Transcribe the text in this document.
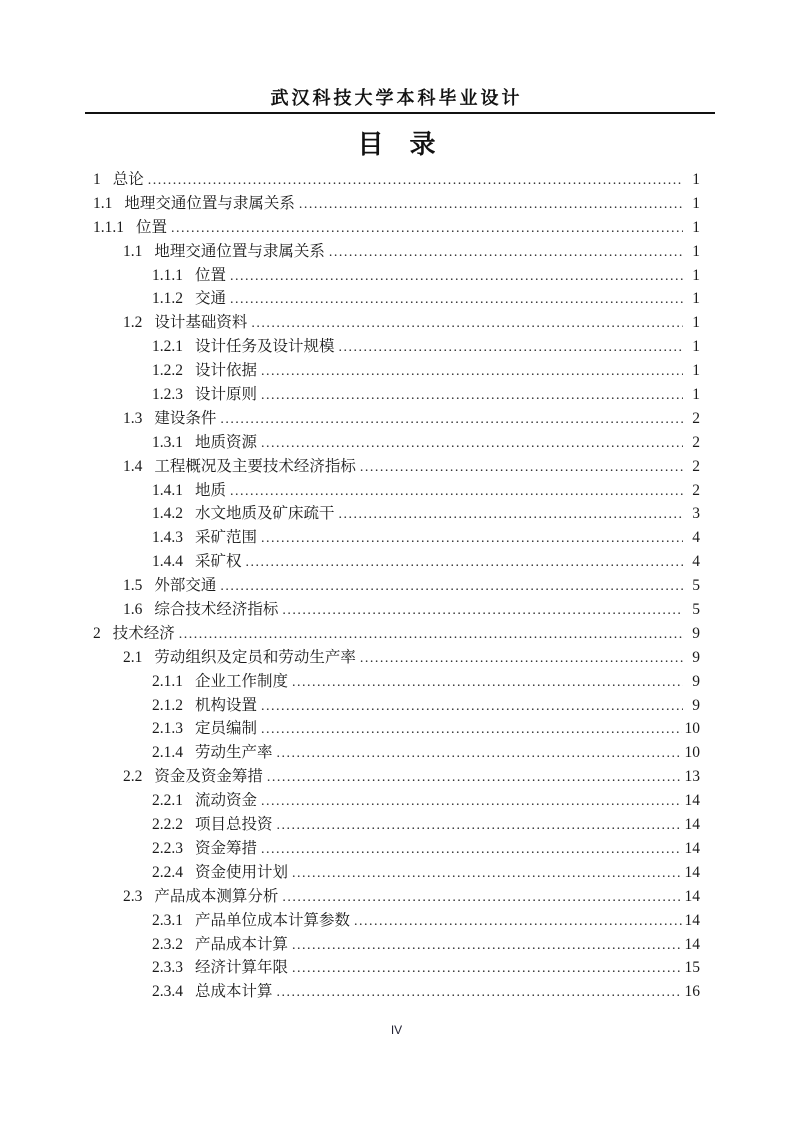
武汉科技大学本科毕业设计
目　录
1 总论 .....	1
1.1 地理交通位置与隶属关系 .....	1
1.1.1 位置 .....	1
1.1 地理交通位置与隶属关系 .....	1
1.1.1 位置 .....	1
1.1.2 交通 .....	1
1.2 设计基础资料 .....	1
1.2.1 设计任务及设计规模 .....	1
1.2.2 设计依据 .....	1
1.2.3 设计原则 .....	1
1.3 建设条件 .....	2
1.3.1 地质资源 .....	2
1.4 工程概况及主要技术经济指标 .....	2
1.4.1 地质 .....	2
1.4.2 水文地质及矿床疏干 .....	3
1.4.3 采矿范围 .....	4
1.4.4 采矿权 .....	4
1.5 外部交通 .....	5
1.6 综合技术经济指标 .....	5
2 技术经济 .....	9
2.1 劳动组织及定员和劳动生产率 .....	9
2.1.1 企业工作制度 .....	9
2.1.2 机构设置 .....	9
2.1.3 定员编制 .....	10
2.1.4 劳动生产率 .....	10
2.2 资金及资金筹措 .....	13
2.2.1 流动资金 .....	14
2.2.2 项目总投资 .....	14
2.2.3 资金筹措 .....	14
2.2.4 资金使用计划 .....	14
2.3 产品成本测算分析 .....	14
2.3.1 产品单位成本计算参数 .....	14
2.3.2 产品成本计算 .....	14
2.3.3 经济计算年限 .....	15
2.3.4 总成本计算 .....	16
IV
